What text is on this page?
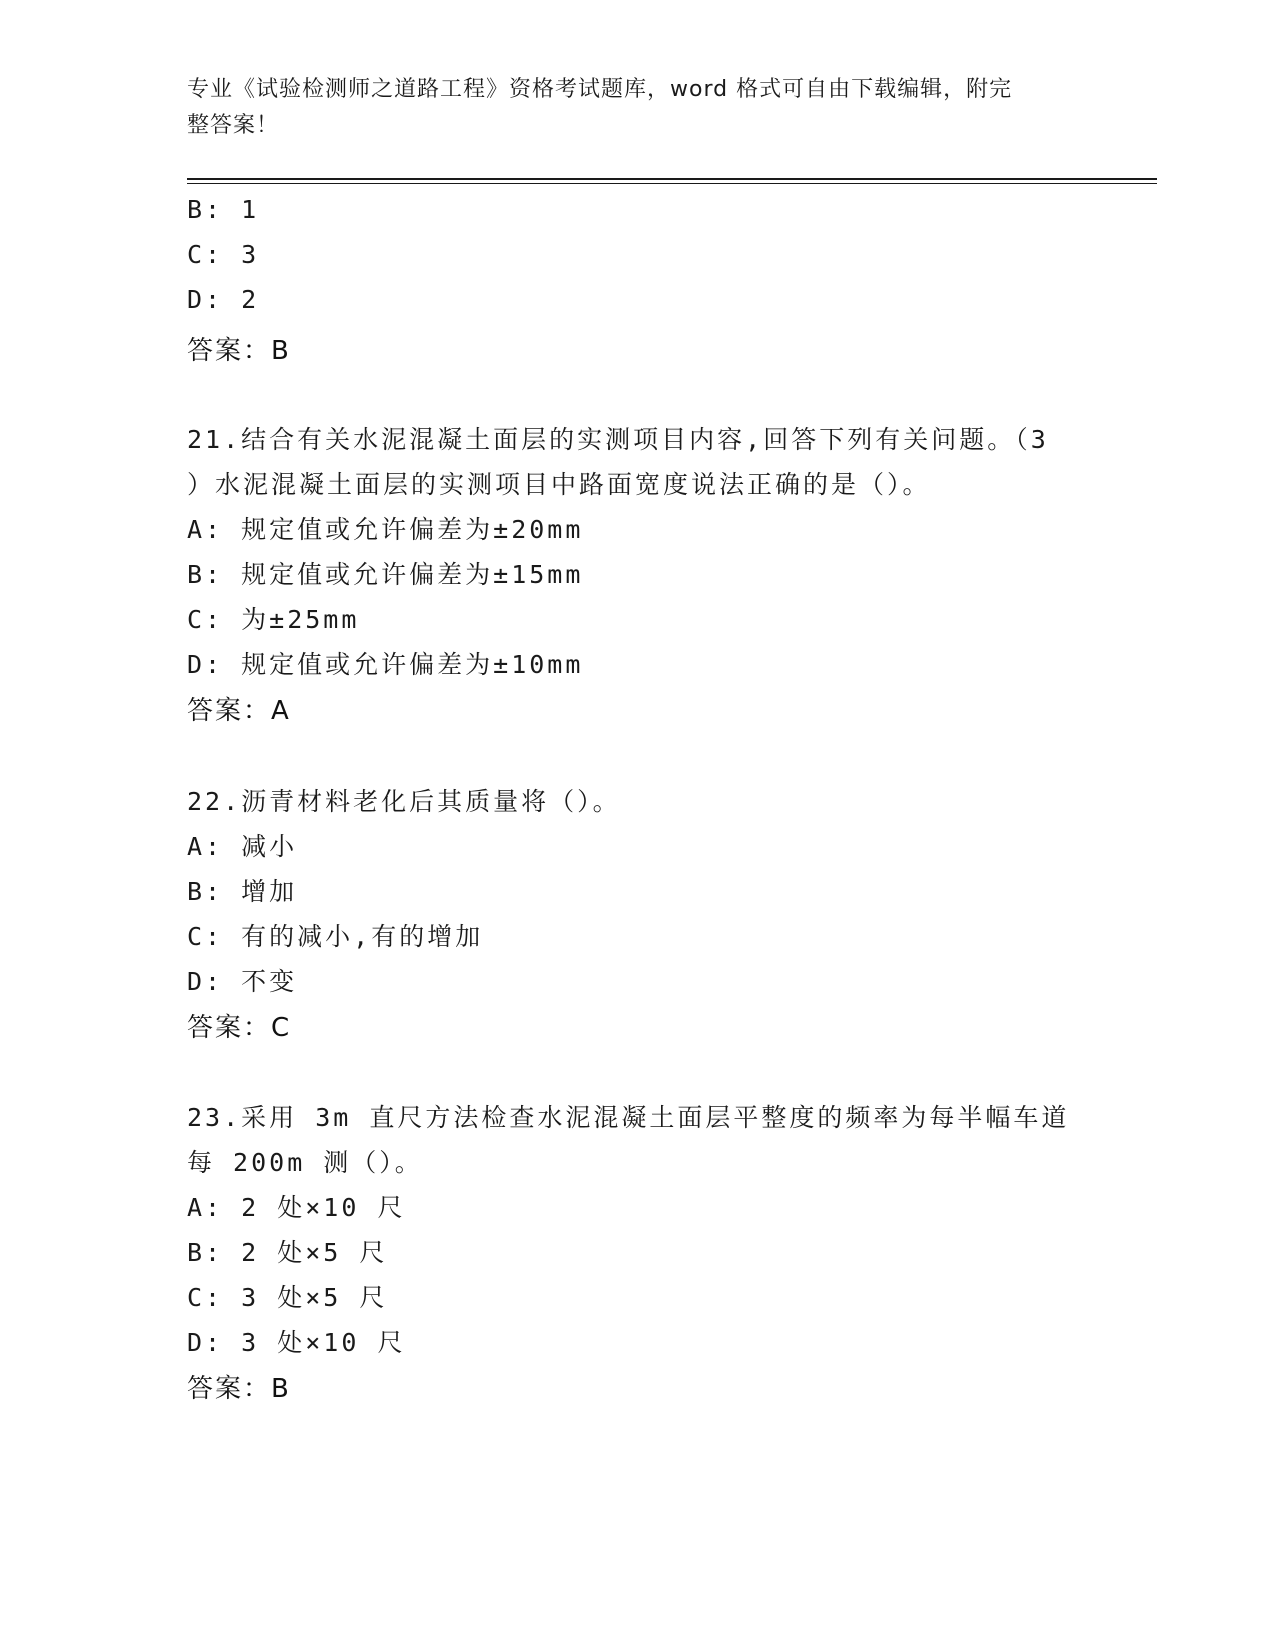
专业《试验检测师之道路工程》资格考试题库，word 格式可自由下载编辑，附完
整答案！
B: 1
C: 3
D: 2
答案：B
21.结合有关水泥混凝土面层的实测项目内容,回答下列有关问题。（3
）水泥混凝土面层的实测项目中路面宽度说法正确的是（）。
A: 规定值或允许偏差为±20mm
B: 规定值或允许偏差为±15mm
C: 为±25mm
D: 规定值或允许偏差为±10mm
答案：A
22.沥青材料老化后其质量将（）。
A: 减小
B: 增加
C: 有的减小,有的增加
D: 不变
答案：C
23.采用 3m 直尺方法检查水泥混凝土面层平整度的频率为每半幅车道
每 200m 测（）。
A: 2 处×10 尺
B: 2 处×5 尺
C: 3 处×5 尺
D: 3 处×10 尺
答案：B
